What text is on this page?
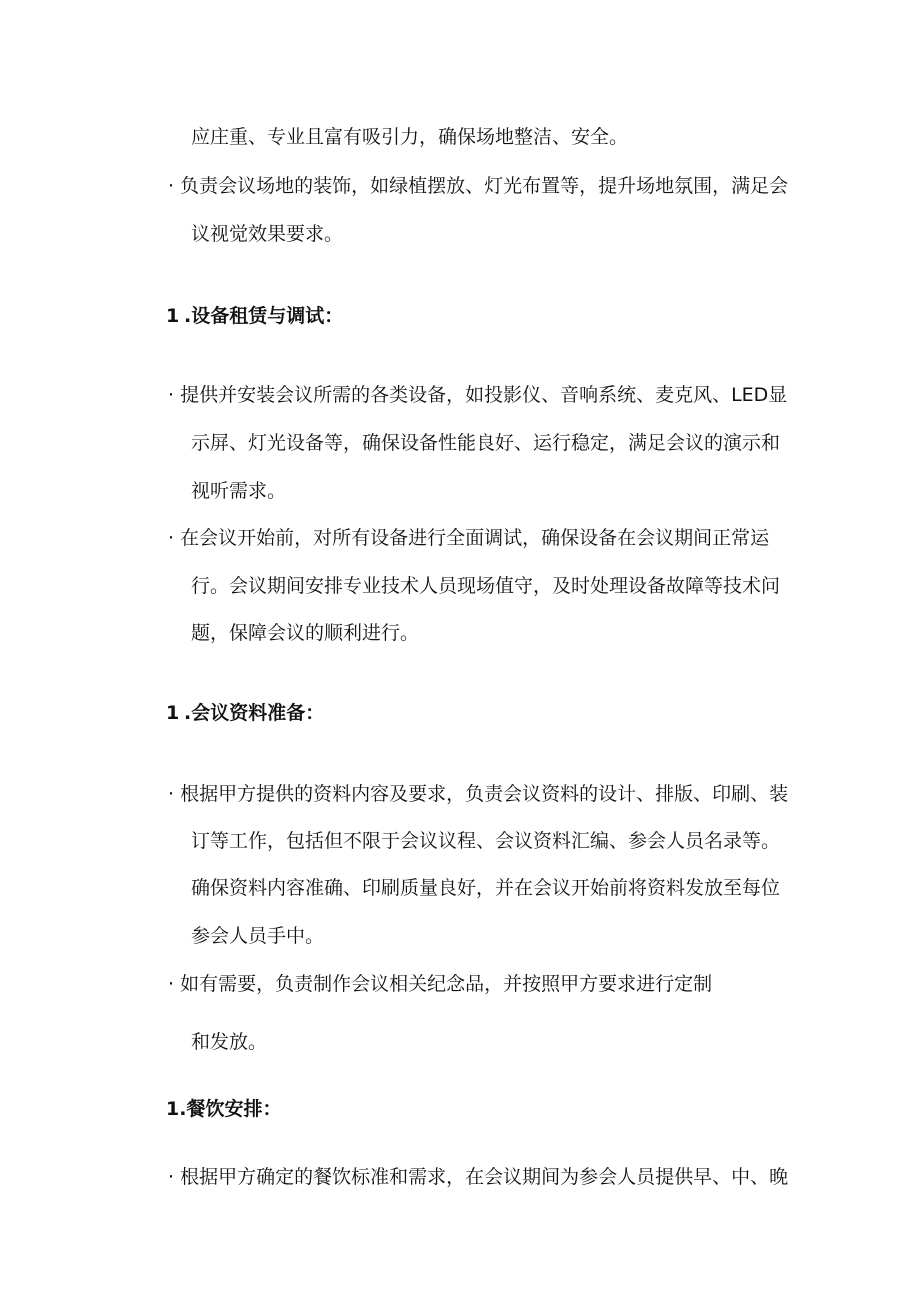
应庄重、专业且富有吸引力，确保场地整洁、安全。
· 负责会议场地的装饰，如绿植摆放、灯光布置等，提升场地氛围，满足会
议视觉效果要求。
1 .设备租赁与调试：
· 提供并安装会议所需的各类设备，如投影仪、音响系统、麦克风、LED显
示屏、灯光设备等，确保设备性能良好、运行稳定，满足会议的演示和
视听需求。
· 在会议开始前，对所有设备进行全面调试，确保设备在会议期间正常运
行。会议期间安排专业技术人员现场值守，及时处理设备故障等技术问
题，保障会议的顺利进行。
1 .会议资料准备：
· 根据甲方提供的资料内容及要求，负责会议资料的设计、排版、印刷、装
订等工作，包括但不限于会议议程、会议资料汇编、参会人员名录等。
确保资料内容准确、印刷质量良好，并在会议开始前将资料发放至每位
参会人员手中。
· 如有需要，负责制作会议相关纪念品，并按照甲方要求进行定制
和发放。
1.餐饮安排：
· 根据甲方确定的餐饮标准和需求，在会议期间为参会人员提供早、中、晚
